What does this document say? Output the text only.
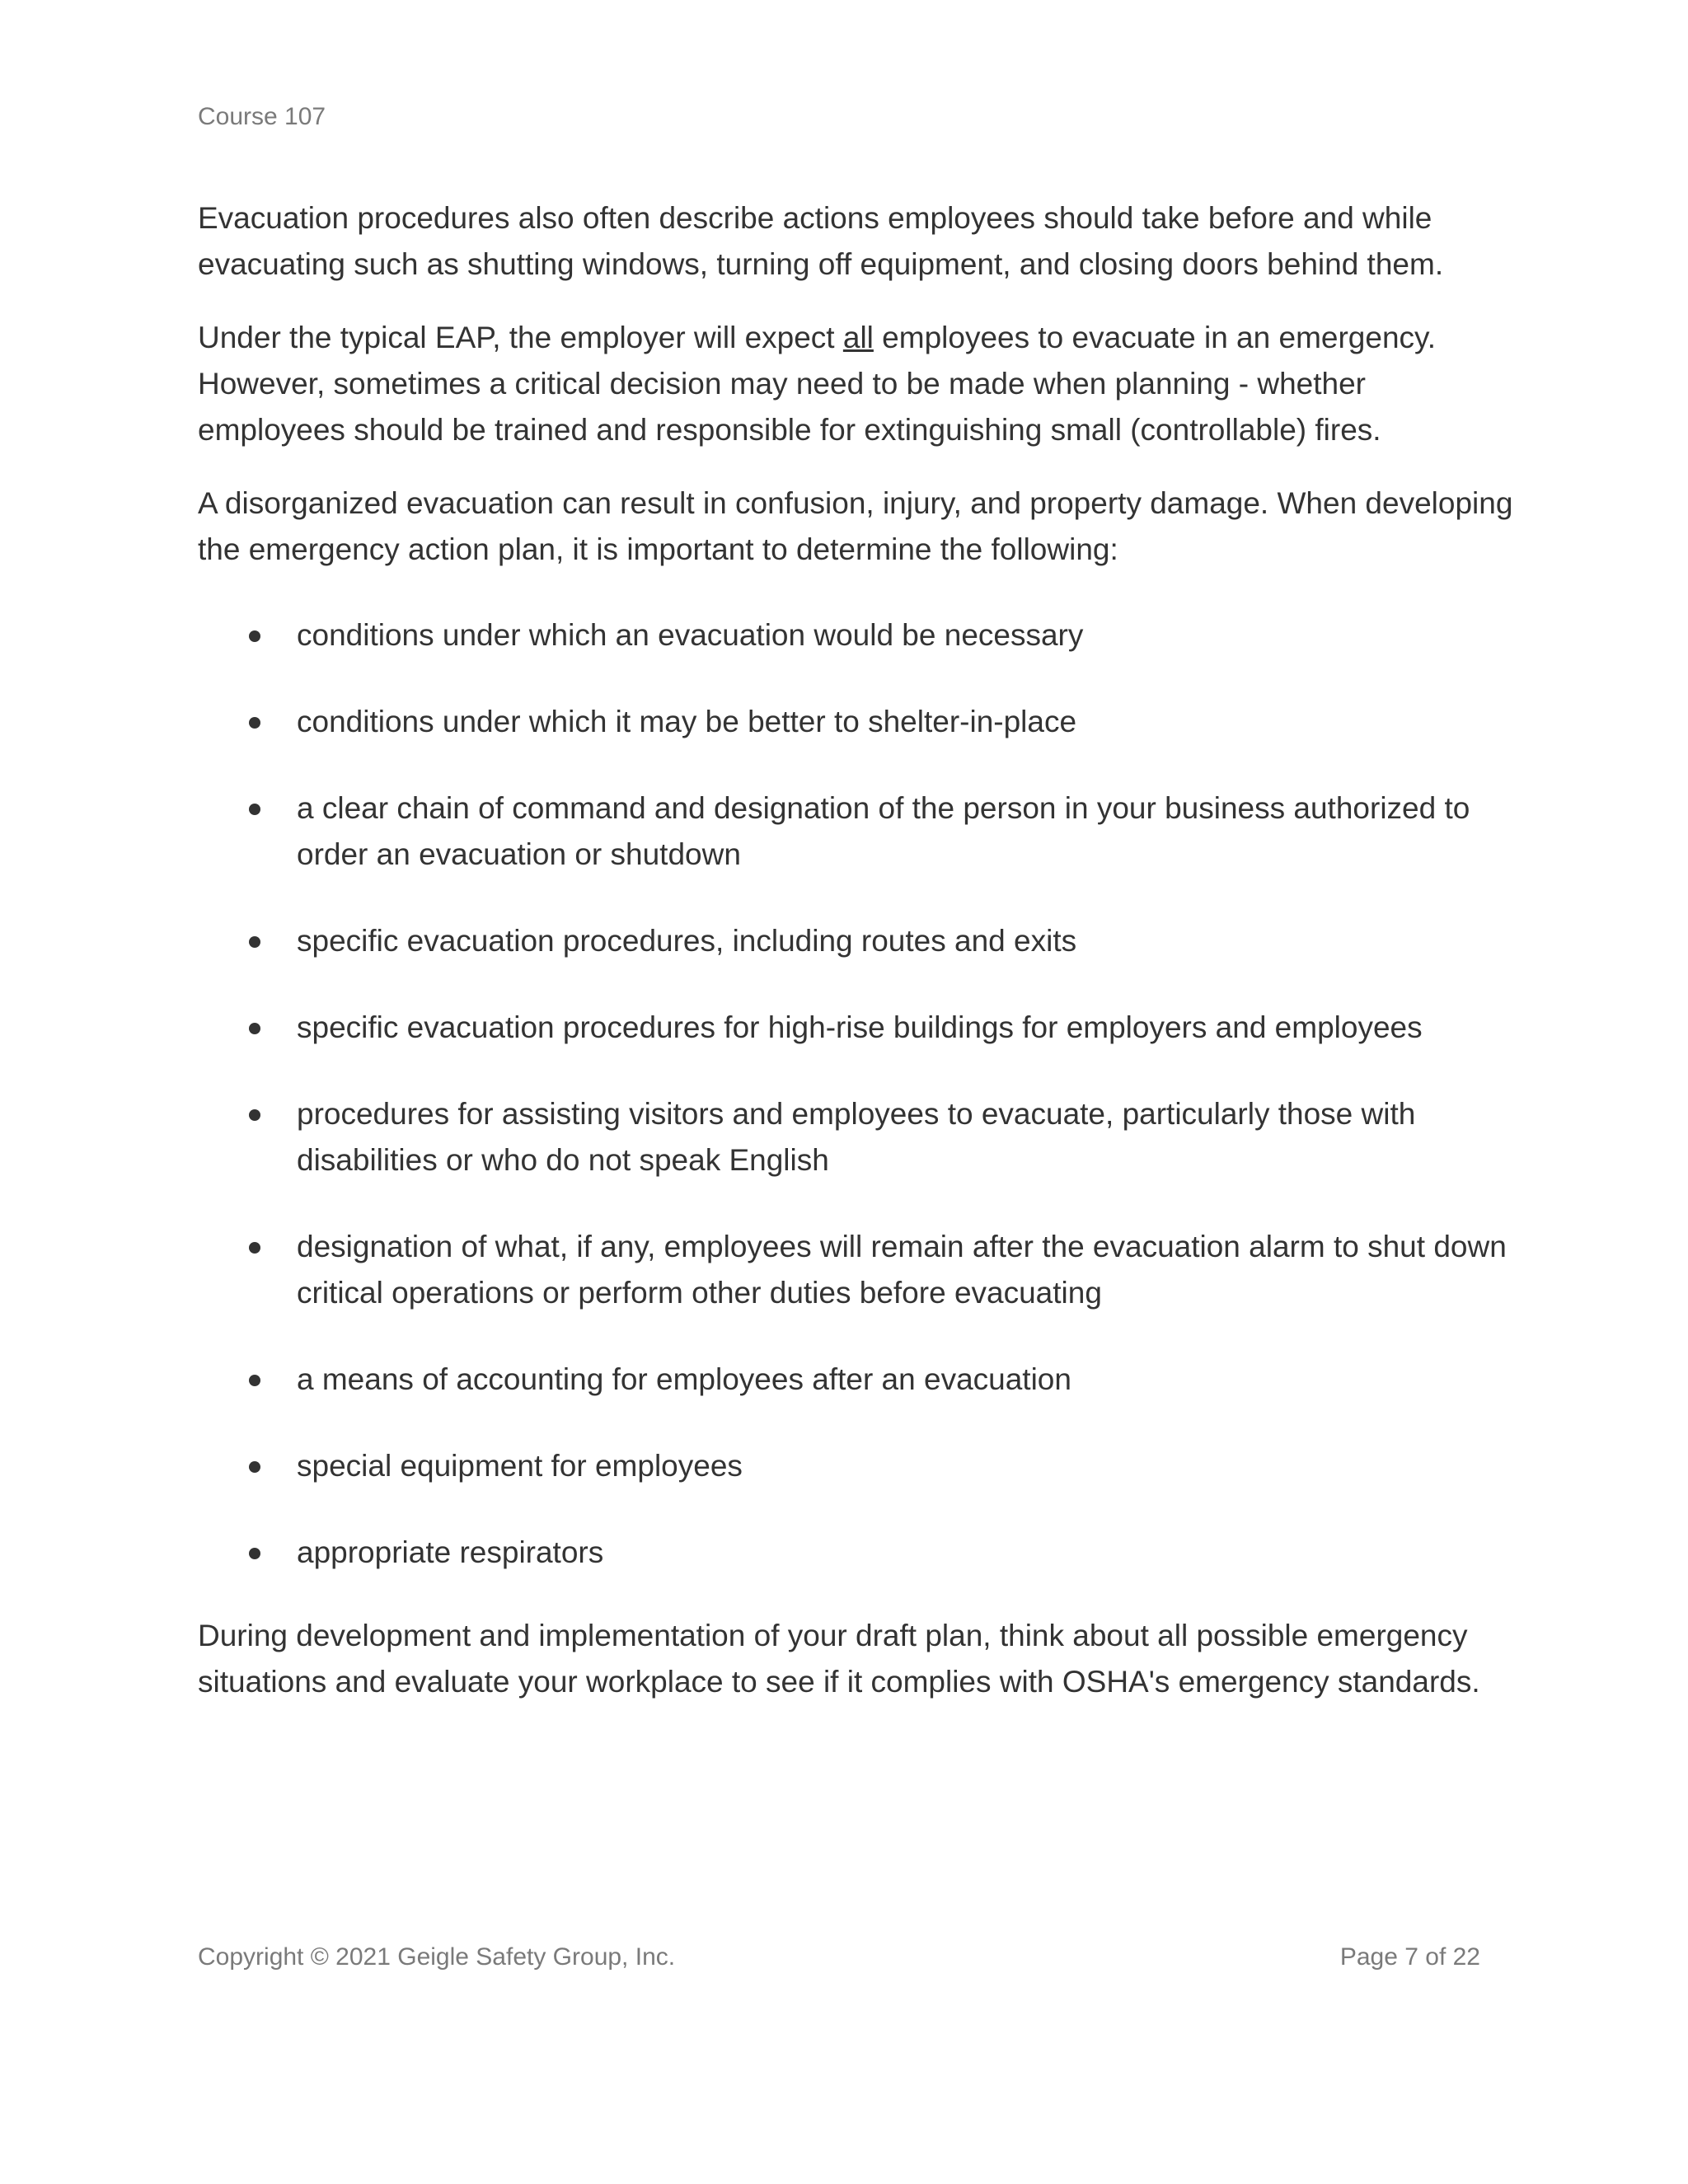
Course 107

Evacuation procedures also often describe actions employees should take before and while evacuating such as shutting windows, turning off equipment, and closing doors behind them.

Under the typical EAP, the employer will expect all employees to evacuate in an emergency. However, sometimes a critical decision may need to be made when planning - whether employees should be trained and responsible for extinguishing small (controllable) fires.

A disorganized evacuation can result in confusion, injury, and property damage. When developing the emergency action plan, it is important to determine the following:

conditions under which an evacuation would be necessary
conditions under which it may be better to shelter-in-place
a clear chain of command and designation of the person in your business authorized to order an evacuation or shutdown
specific evacuation procedures, including routes and exits
specific evacuation procedures for high-rise buildings for employers and employees
procedures for assisting visitors and employees to evacuate, particularly those with disabilities or who do not speak English
designation of what, if any, employees will remain after the evacuation alarm to shut down critical operations or perform other duties before evacuating
a means of accounting for employees after an evacuation
special equipment for employees
appropriate respirators

During development and implementation of your draft plan, think about all possible emergency situations and evaluate your workplace to see if it complies with OSHA's emergency standards.

Copyright © 2021 Geigle Safety Group, Inc.	Page 7 of 22
